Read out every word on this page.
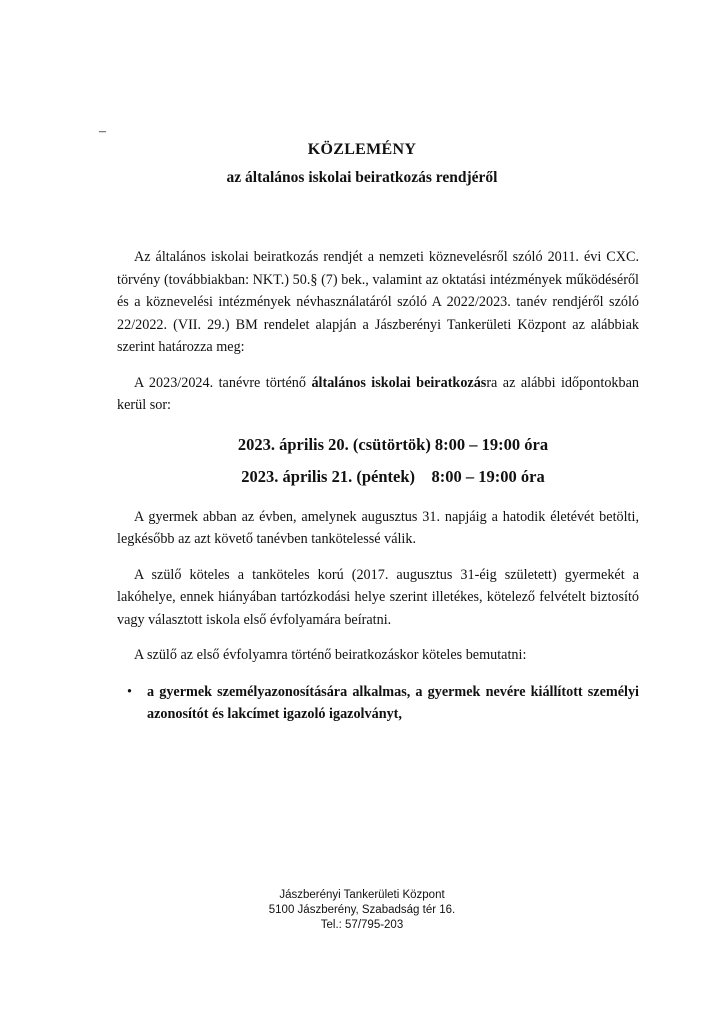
–
KÖZLEMÉNY
az általános iskolai beiratkozás rendjéről

Az általános iskolai beiratkozás rendjét a nemzeti köznevelésről szóló 2011. évi CXC. törvény (továbbiakban: NKT.) 50.§ (7) bek., valamint az oktatási intézmények működéséről és a köznevelési intézmények névhasználatáról szóló A 2022/2023. tanév rendjéről szóló 22/2022. (VII. 29.) BM rendelet alapján a Jászberényi Tankerületi Központ az alábbiak szerint határozza meg:

A 2023/2024. tanévre történő általános iskolai beiratkozásra az alábbi időpontokban kerül sor:

2023. április 20. (csütörtök) 8:00 – 19:00 óra
2023. április 21. (péntek)    8:00 – 19:00 óra

A gyermek abban az évben, amelynek augusztus 31. napjáig a hatodik életévét betölti, legkésőbb az azt követő tanévben tankötelessé válik.

A szülő köteles a tanköteles korú (2017. augusztus 31-éig született) gyermekét a lakóhelye, ennek hiányában tartózkodási helye szerint illetékes, kötelező felvételt biztosító vagy választott iskola első évfolyamára beíratni.

A szülő az első évfolyamra történő beiratkozáskor köteles bemutatni:

• a gyermek személyazonosítására alkalmas, a gyermek nevére kiállított személyi azonosítót és lakcímet igazoló igazolványt,
Jászberényi Tankerületi Központ
5100 Jászberény, Szabadság tér 16.
Tel.: 57/795-203
